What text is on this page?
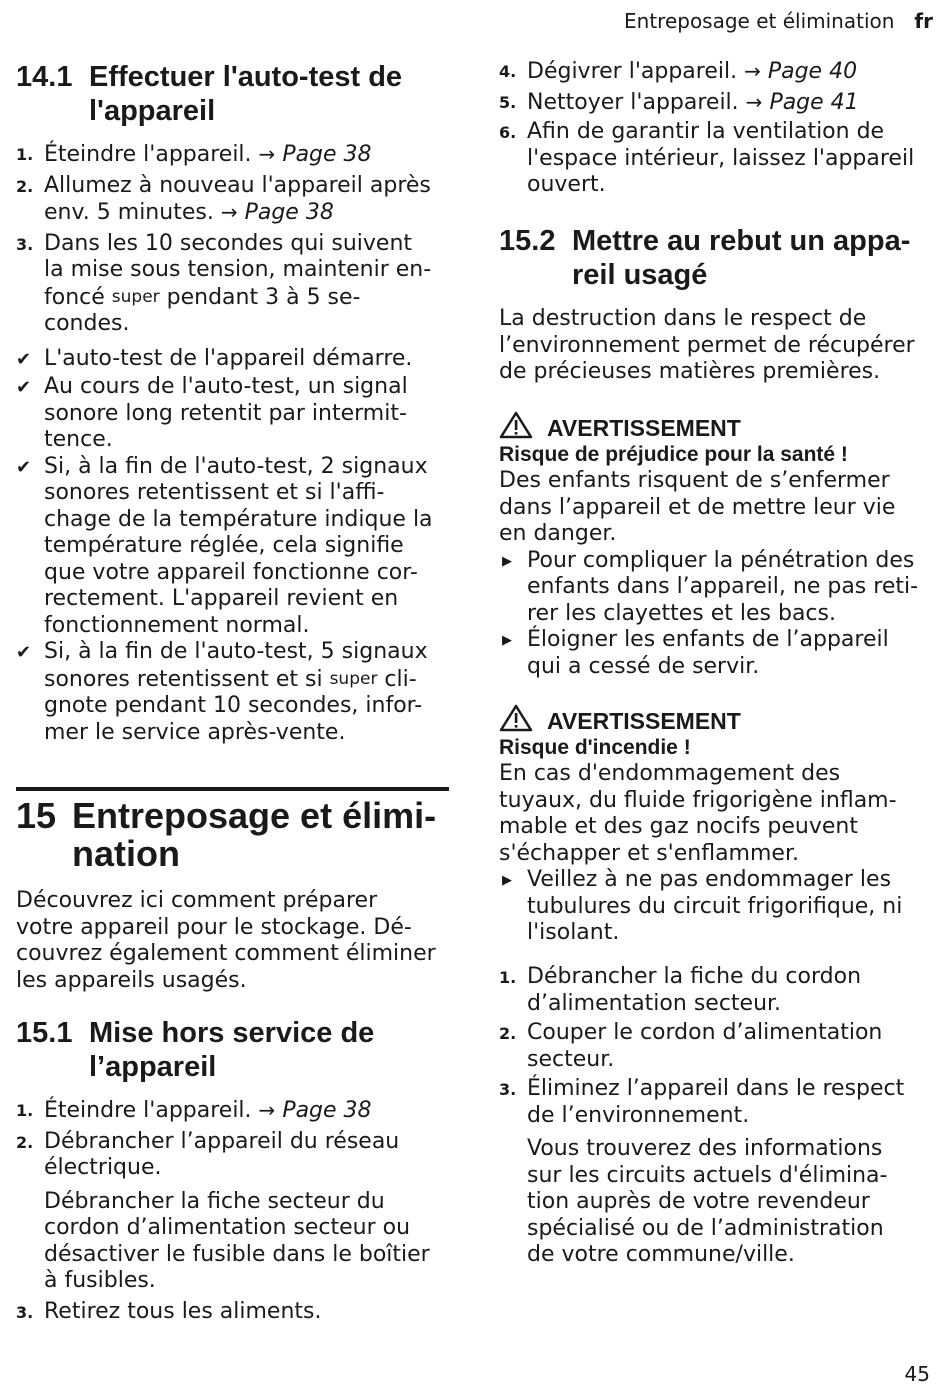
Entreposage et élimination fr
14.1 Effectuer l'auto-test de
l'appareil
1. Éteindre l'appareil. → Page 38
2. Allumez à nouveau l'appareil après
env. 5 minutes. → Page 38
3. Dans les 10 secondes qui suivent
la mise sous tension, maintenir en-
foncé super pendant 3 à 5 se-
condes.
✔ L'auto-test de l'appareil démarre.
✔ Au cours de l'auto-test, un signal
sonore long retentit par intermit-
tence.
✔ Si, à la fin de l'auto-test, 2 signaux
sonores retentissent et si l'affi-
chage de la température indique la
température réglée, cela signifie
que votre appareil fonctionne cor-
rectement. L'appareil revient en
fonctionnement normal.
✔ Si, à la fin de l'auto-test, 5 signaux
sonores retentissent et si super cli-
gnote pendant 10 secondes, infor-
mer le service après-vente.
15 Entreposage et élimi-
nation
Découvrez ici comment préparer
votre appareil pour le stockage. Dé-
couvrez également comment éliminer
les appareils usagés.
15.1 Mise hors service de
l’appareil
1. Éteindre l'appareil. → Page 38
2. Débrancher l’appareil du réseau
électrique.
Débrancher la fiche secteur du
cordon d’alimentation secteur ou
désactiver le fusible dans le boîtier
à fusibles.
3. Retirez tous les aliments.
4. Dégivrer l'appareil. → Page 40
5. Nettoyer l'appareil. → Page 41
6. Afin de garantir la ventilation de
l'espace intérieur, laissez l'appareil
ouvert.
15.2 Mettre au rebut un appa-
reil usagé
La destruction dans le respect de
l’environnement permet de récupérer
de précieuses matières premières.
AVERTISSEMENT
Risque de préjudice pour la santé !
Des enfants risquent de s’enfermer
dans l’appareil et de mettre leur vie
en danger.
▶ Pour compliquer la pénétration des
enfants dans l’appareil, ne pas reti-
rer les clayettes et les bacs.
▶ Éloigner les enfants de l’appareil
qui a cessé de servir.
AVERTISSEMENT
Risque d'incendie !
En cas d'endommagement des
tuyaux, du fluide frigorigène inflam-
mable et des gaz nocifs peuvent
s'échapper et s'enflammer.
▶ Veillez à ne pas endommager les
tubulures du circuit frigorifique, ni
l'isolant.
1. Débrancher la fiche du cordon
d’alimentation secteur.
2. Couper le cordon d’alimentation
secteur.
3. Éliminez l’appareil dans le respect
de l’environnement.
Vous trouverez des informations
sur les circuits actuels d'élimina-
tion auprès de votre revendeur
spécialisé ou de l’administration
de votre commune/ville.
45
